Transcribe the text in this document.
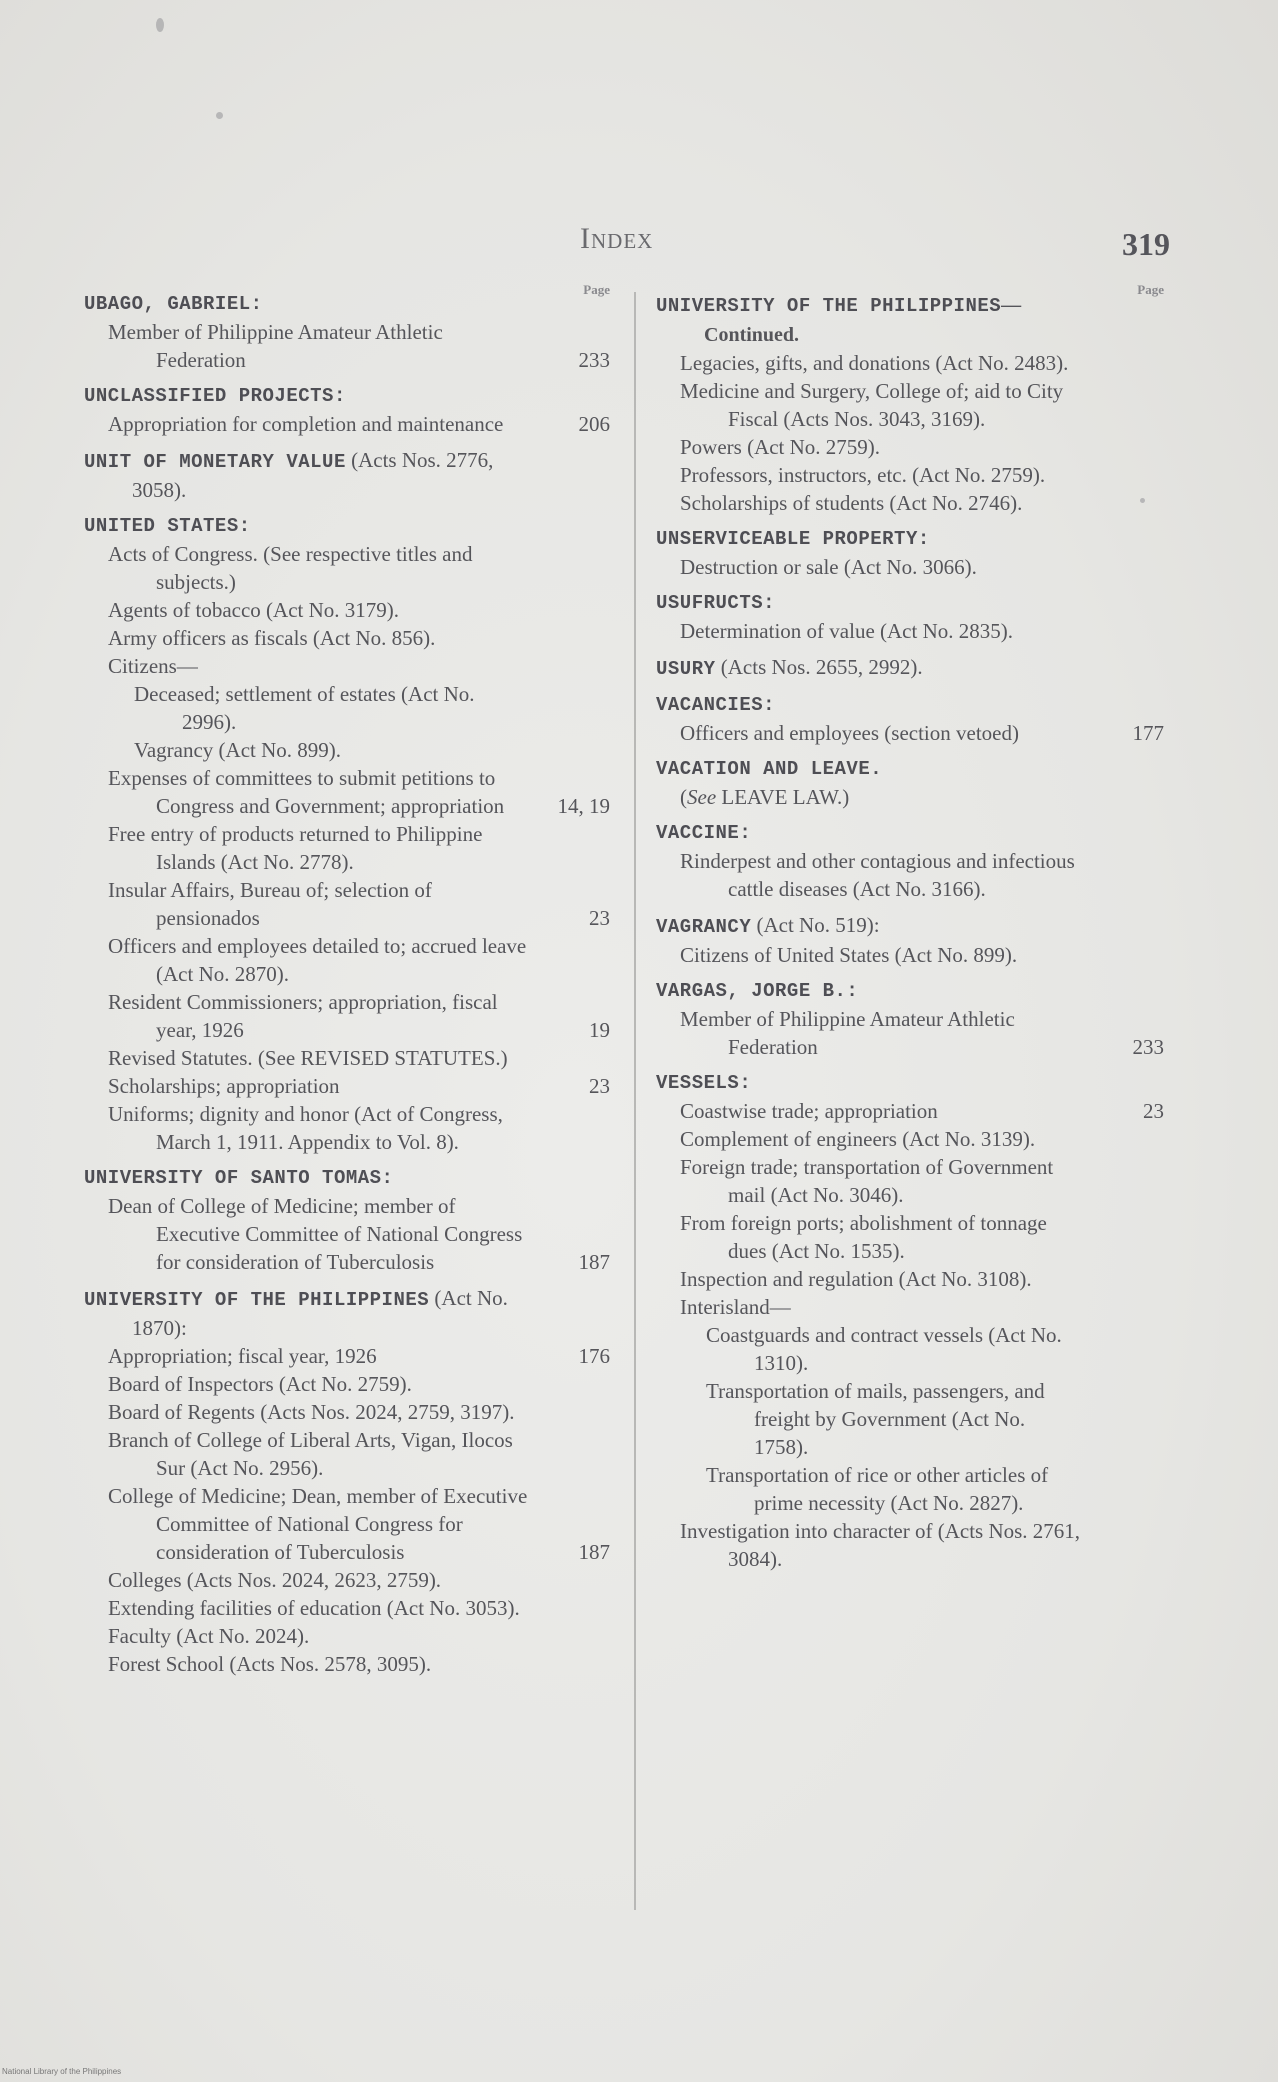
Index	319
Page
UBAGO, GABRIEL:
Member of Philippine Amateur Athletic Federation	233
UNCLASSIFIED PROJECTS:
Appropriation for completion and maintenance	206
UNIT OF MONETARY VALUE (Acts Nos. 2776, 3058).
UNITED STATES:
Acts of Congress. (See respective titles and subjects.)
Agents of tobacco (Act No. 3179).
Army officers as fiscals (Act No. 856).
Citizens—
Deceased; settlement of estates (Act No. 2996).
Vagrancy (Act No. 899).
Expenses of committees to submit petitions to Congress and Government; appropriation	14, 19
Free entry of products returned to Philippine Islands (Act No. 2778).
Insular Affairs, Bureau of; selection of pensionados	23
Officers and employees detailed to; accrued leave (Act No. 2870).
Resident Commissioners; appropriation, fiscal year, 1926	19
Revised Statutes. (See REVISED STATUTES.)
Scholarships; appropriation	23
Uniforms; dignity and honor (Act of Congress, March 1, 1911. Appendix to Vol. 8).
UNIVERSITY OF SANTO TOMAS:
Dean of College of Medicine; member of Executive Committee of National Congress for consideration of Tuberculosis	187
UNIVERSITY OF THE PHILIPPINES (Act No. 1870):
Appropriation; fiscal year, 1926	176
Board of Inspectors (Act No. 2759).
Board of Regents (Acts Nos. 2024, 2759, 3197).
Branch of College of Liberal Arts, Vigan, Ilocos Sur (Act No. 2956).
College of Medicine; Dean, member of Executive Committee of National Congress for consideration of Tuberculosis	187
Colleges (Acts Nos. 2024, 2623, 2759).
Extending facilities of education (Act No. 3053).
Faculty (Act No. 2024).
Forest School (Acts Nos. 2578, 3095).
Page
UNIVERSITY OF THE PHILIPPINES—Continued.
Legacies, gifts, and donations (Act No. 2483).
Medicine and Surgery, College of; aid to City Fiscal (Acts Nos. 3043, 3169).
Powers (Act No. 2759).
Professors, instructors, etc. (Act No. 2759).
Scholarships of students (Act No. 2746).
UNSERVICEABLE PROPERTY:
Destruction or sale (Act No. 3066).
USUFRUCTS:
Determination of value (Act No. 2835).
USURY (Acts Nos. 2655, 2992).
VACANCIES:
Officers and employees (section vetoed)	177
VACATION AND LEAVE.
(See LEAVE LAW.)
VACCINE:
Rinderpest and other contagious and infectious cattle diseases (Act No. 3166).
VAGRANCY (Act No. 519):
Citizens of United States (Act No. 899).
VARGAS, JORGE B.:
Member of Philippine Amateur Athletic Federation	233
VESSELS:
Coastwise trade; appropriation	23
Complement of engineers (Act No. 3139).
Foreign trade; transportation of Government mail (Act No. 3046).
From foreign ports; abolishment of tonnage dues (Act No. 1535).
Inspection and regulation (Act No. 3108).
Interisland—
Coastguards and contract vessels (Act No. 1310).
Transportation of mails, passengers, and freight by Government (Act No. 1758).
Transportation of rice or other articles of prime necessity (Act No. 2827).
Investigation into character of (Acts Nos. 2761, 3084).
National Library of the Philippines
